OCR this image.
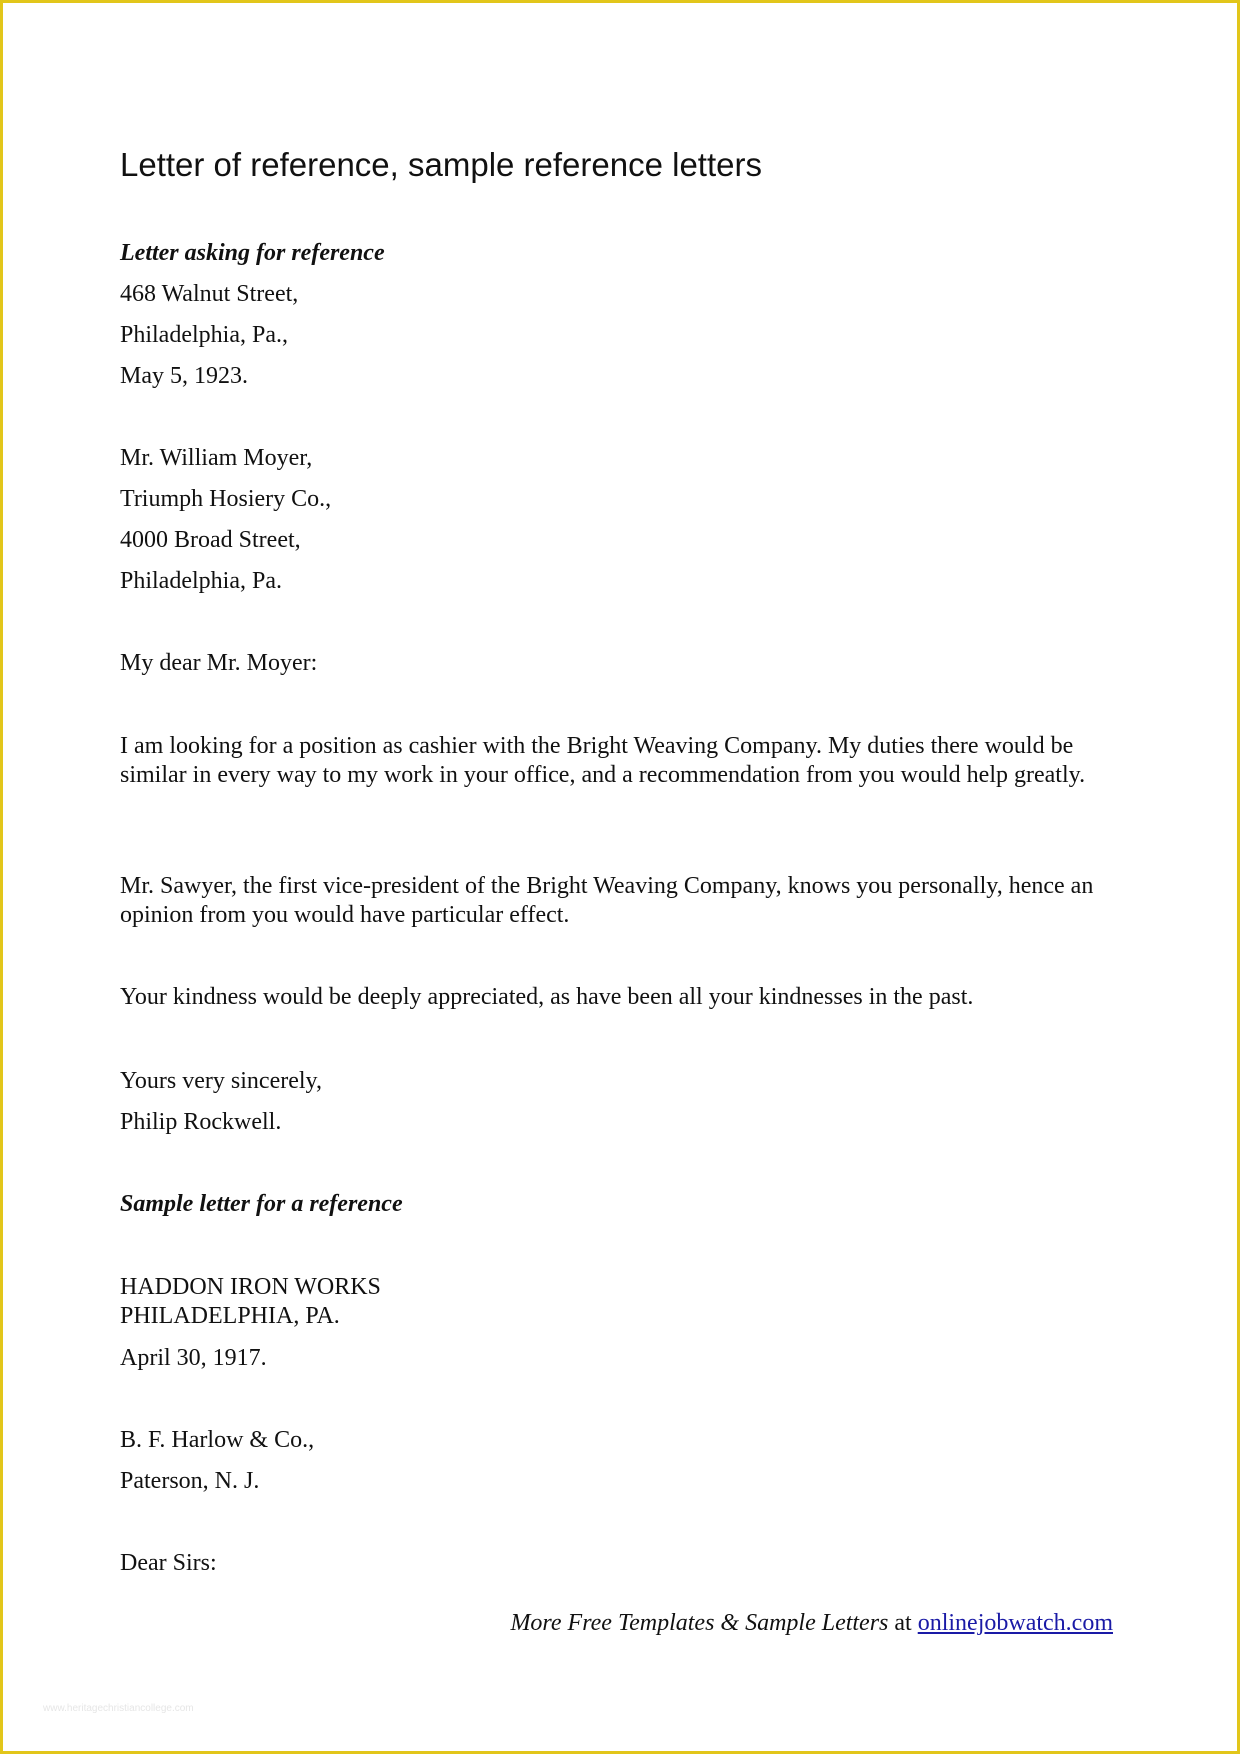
Letter of reference, sample reference letters
Letter asking for reference
468 Walnut Street,
Philadelphia, Pa.,
May 5, 1923.
Mr. William Moyer,
Triumph Hosiery Co.,
4000 Broad Street,
Philadelphia, Pa.
My dear Mr. Moyer:
I am looking for a position as cashier with the Bright Weaving Company. My duties there would be similar in every way to my work in your office, and a recommendation from you would help greatly.
Mr. Sawyer, the first vice-president of the Bright Weaving Company, knows you personally, hence an opinion from you would have particular effect.
Your kindness would be deeply appreciated, as have been all your kindnesses in the past.
Yours very sincerely,
Philip Rockwell.
Sample letter for a reference
HADDON IRON WORKS
PHILADELPHIA, PA.
April 30, 1917.
B. F. Harlow & Co.,
Paterson, N. J.
Dear Sirs:
More Free Templates & Sample Letters at onlinejobwatch.com
www.heritagechristiancollege.com
